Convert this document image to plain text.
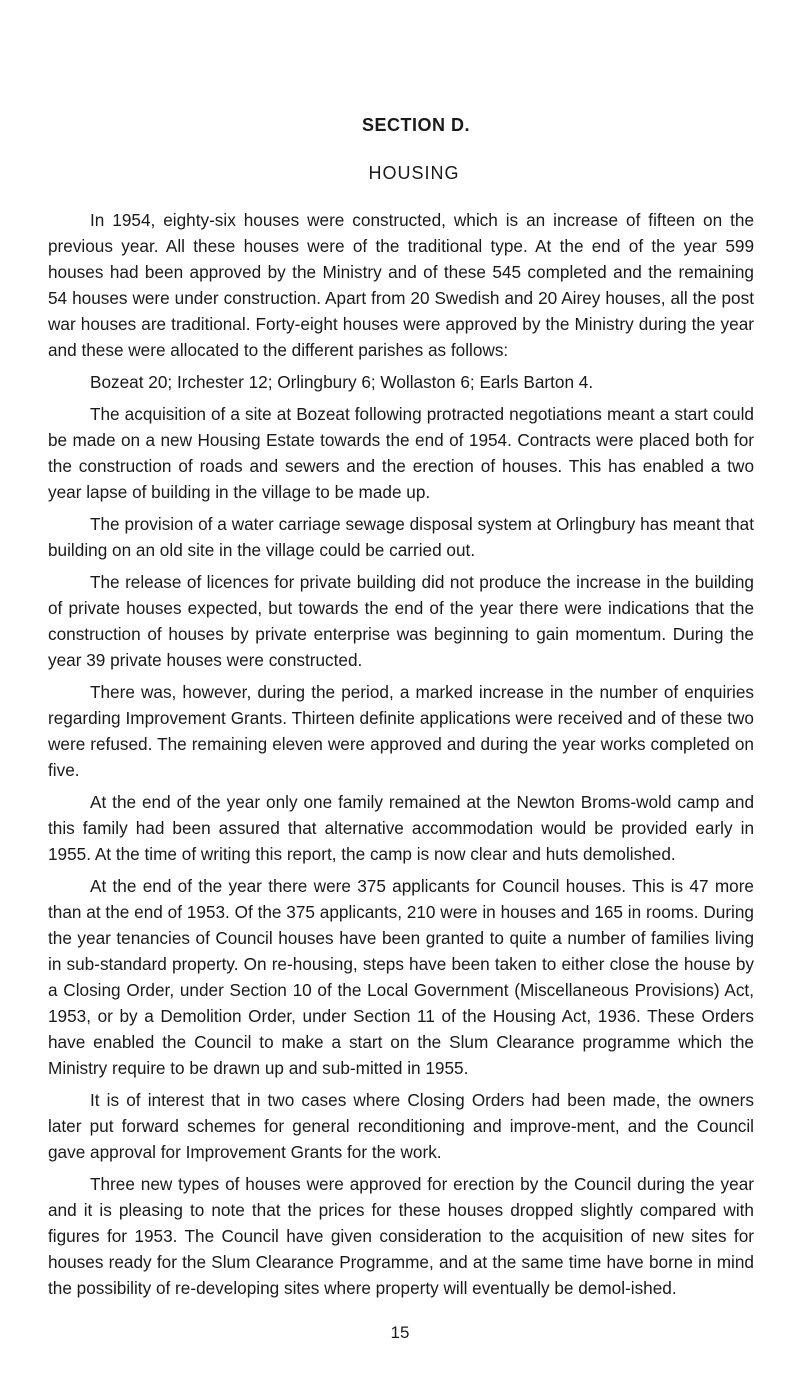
SECTION D.
HOUSING

In 1954, eighty-six houses were constructed, which is an increase of fifteen on the previous year. All these houses were of the traditional type. At the end of the year 599 houses had been approved by the Ministry and of these 545 completed and the remaining 54 houses were under construction. Apart from 20 Swedish and 20 Airey houses, all the post war houses are traditional. Forty-eight houses were approved by the Ministry during the year and these were allocated to the different parishes as follows:

Bozeat 20; Irchester 12; Orlingbury 6; Wollaston 6; Earls Barton 4.

The acquisition of a site at Bozeat following protracted negotiations meant a start could be made on a new Housing Estate towards the end of 1954. Contracts were placed both for the construction of roads and sewers and the erection of houses. This has enabled a two year lapse of building in the village to be made up.

The provision of a water carriage sewage disposal system at Orlingbury has meant that building on an old site in the village could be carried out.

The release of licences for private building did not produce the increase in the building of private houses expected, but towards the end of the year there were indications that the construction of houses by private enterprise was beginning to gain momentum. During the year 39 private houses were constructed.

There was, however, during the period, a marked increase in the number of enquiries regarding Improvement Grants. Thirteen definite applications were received and of these two were refused. The remaining eleven were approved and during the year works completed on five.

At the end of the year only one family remained at the Newton Broms-wold camp and this family had been assured that alternative accommodation would be provided early in 1955. At the time of writing this report, the camp is now clear and huts demolished.

At the end of the year there were 375 applicants for Council houses. This is 47 more than at the end of 1953. Of the 375 applicants, 210 were in houses and 165 in rooms. During the year tenancies of Council houses have been granted to quite a number of families living in sub-standard property. On re-housing, steps have been taken to either close the house by a Closing Order, under Section 10 of the Local Government (Miscellaneous Provisions) Act, 1953, or by a Demolition Order, under Section 11 of the Housing Act, 1936. These Orders have enabled the Council to make a start on the Slum Clearance programme which the Ministry require to be drawn up and sub-mitted in 1955.

It is of interest that in two cases where Closing Orders had been made, the owners later put forward schemes for general reconditioning and improve-ment, and the Council gave approval for Improvement Grants for the work.

Three new types of houses were approved for erection by the Council during the year and it is pleasing to note that the prices for these houses dropped slightly compared with figures for 1953. The Council have given consideration to the acquisition of new sites for houses ready for the Slum Clearance Programme, and at the same time have borne in mind the possibility of re-developing sites where property will eventually be demol-ished.

15
